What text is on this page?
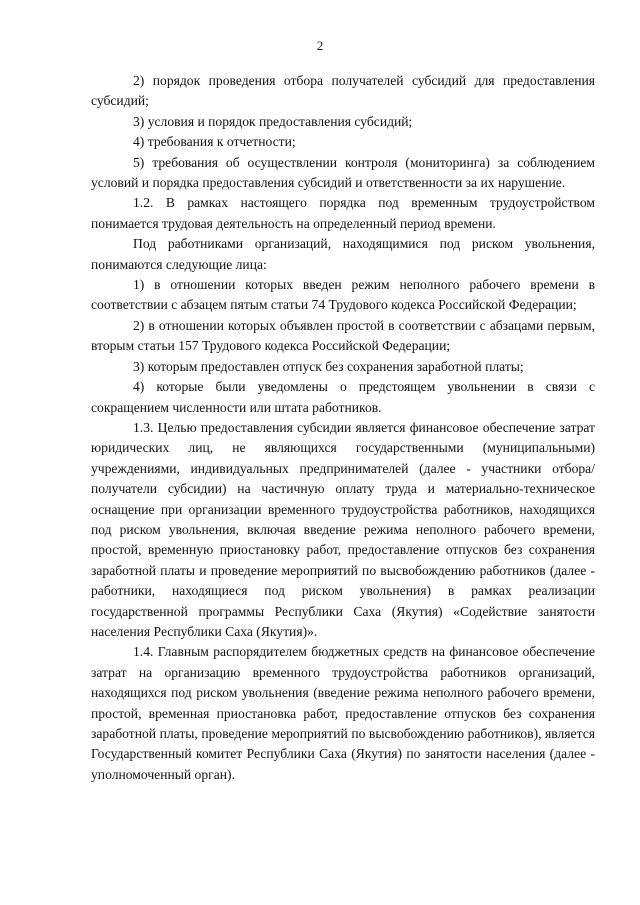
2

2) порядок проведения отбора получателей субсидий для предоставления субсидий;

3) условия и порядок предоставления субсидий;

4) требования к отчетности;

5) требования об осуществлении контроля (мониторинга) за соблюдением условий и порядка предоставления субсидий и ответственности за их нарушение.

1.2. В рамках настоящего порядка под временным трудоустройством понимается трудовая деятельность на определенный период времени.

Под работниками организаций, находящимися под риском увольнения, понимаются следующие лица:

1) в отношении которых введен режим неполного рабочего времени в соответствии с абзацем пятым статьи 74 Трудового кодекса Российской Федерации;

2) в отношении которых объявлен простой в соответствии с абзацами первым, вторым статьи 157 Трудового кодекса Российской Федерации;

3) которым предоставлен отпуск без сохранения заработной платы;

4) которые были уведомлены о предстоящем увольнении в связи с сокращением численности или штата работников.

1.3. Целью предоставления субсидии является финансовое обеспечение затрат юридических лиц, не являющихся государственными (муниципальными) учреждениями, индивидуальных предпринимателей (далее - участники отбора/получатели субсидии) на частичную оплату труда и материально-техническое оснащение при организации временного трудоустройства работников, находящихся под риском увольнения, включая введение режима неполного рабочего времени, простой, временную приостановку работ, предоставление отпусков без сохранения заработной платы и проведение мероприятий по высвобождению работников (далее - работники, находящиеся под риском увольнения) в рамках реализации государственной программы Республики Саха (Якутия) «Содействие занятости населения Республики Саха (Якутия)».

1.4. Главным распорядителем бюджетных средств на финансовое обеспечение затрат на организацию временного трудоустройства работников организаций, находящихся под риском увольнения (введение режима неполного рабочего времени, простой, временная приостановка работ, предоставление отпусков без сохранения заработной платы, проведение мероприятий по высвобождению работников), является Государственный комитет Республики Саха (Якутия) по занятости населения (далее - уполномоченный орган).
